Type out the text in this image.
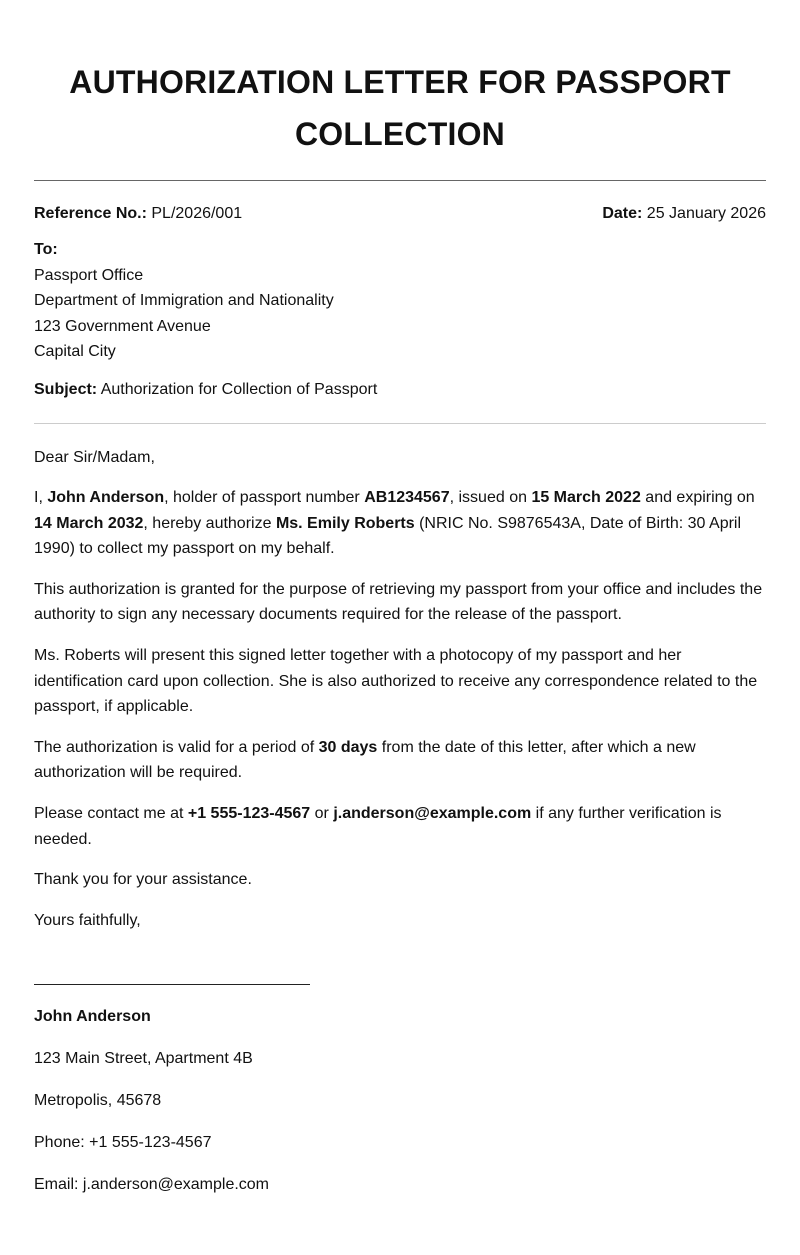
AUTHORIZATION LETTER FOR PASSPORT COLLECTION
Reference No.: PL/2026/001	Date: 25 January 2026
To:
Passport Office
Department of Immigration and Nationality
123 Government Avenue
Capital City
Subject: Authorization for Collection of Passport

Dear Sir/Madam,

I, John Anderson, holder of passport number AB1234567, issued on 15 March 2022 and expiring on 14 March 2032, hereby authorize Ms. Emily Roberts (NRIC No. S9876543A, Date of Birth: 30 April 1990) to collect my passport on my behalf.

This authorization is granted for the purpose of retrieving my passport from your office and includes the authority to sign any necessary documents required for the release of the passport.

Ms. Roberts will present this signed letter together with a photocopy of my passport and her identification card upon collection. She is also authorized to receive any correspondence related to the passport, if applicable.

The authorization is valid for a period of 30 days from the date of this letter, after which a new authorization will be required.

Please contact me at +1 555-123-4567 or j.anderson@example.com if any further verification is needed.

Thank you for your assistance.

Yours faithfully,

John Anderson
123 Main Street, Apartment 4B
Metropolis, 45678
Phone: +1 555-123-4567
Email: j.anderson@example.com
